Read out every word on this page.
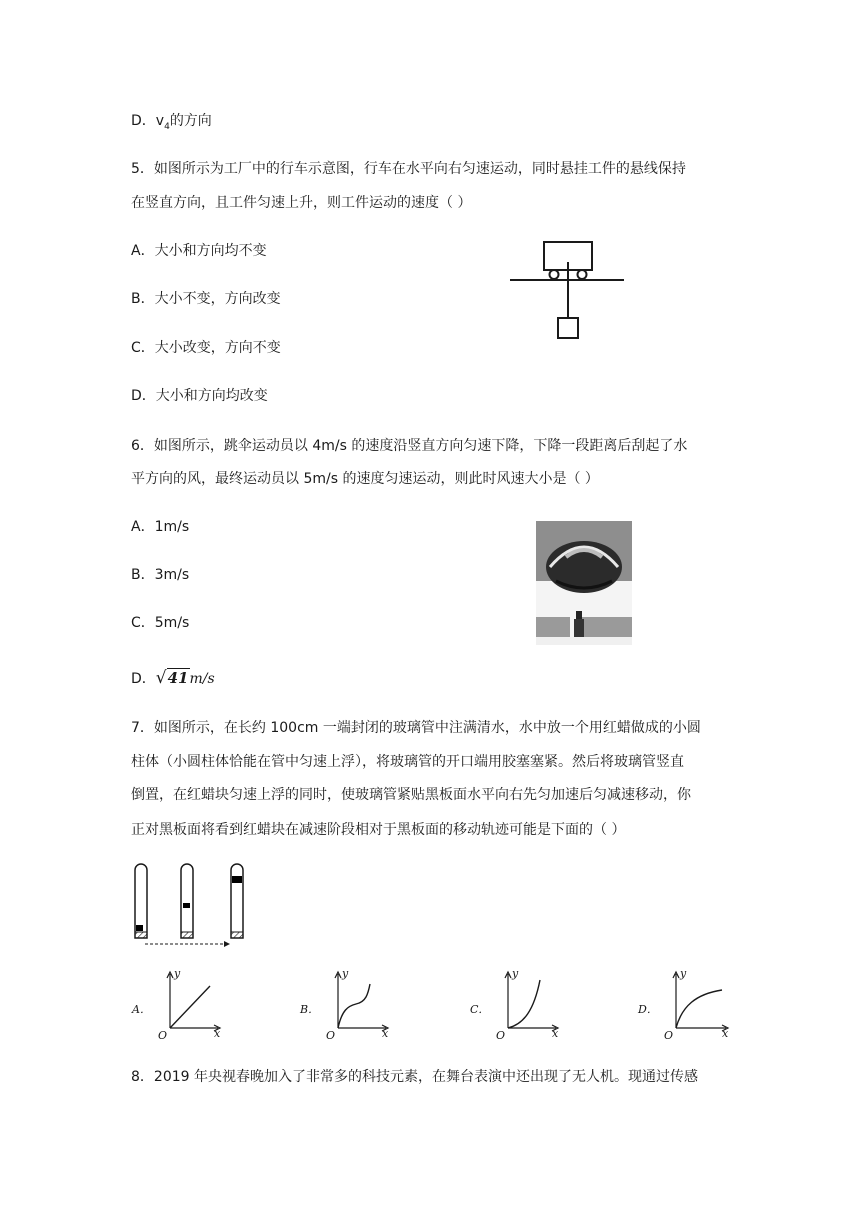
D．$v_4$的方向
5．如图所示为工厂中的行车示意图，行车在水平向右匀速运动，同时悬挂工件的悬线保持
在竖直方向，且工件匀速上升，则工件运动的速度（ ）
A．大小和方向均不变
B．大小不变，方向改变
C．大小改变，方向不变
D．大小和方向均改变
6．如图所示，跳伞运动员以 4m/s 的速度沿竖直方向匀速下降，下降一段距离后刮起了水
平方向的风，最终运动员以 5m/s 的速度匀速运动，则此时风速大小是（ ）
A．1m/s
B．3m/s
C．5m/s
D．√41m/s
7．如图所示，在长约 100cm 一端封闭的玻璃管中注满清水，水中放一个用红蜡做成的小圆
柱体（小圆柱体恰能在管中匀速上浮），将玻璃管的开口端用胶塞塞紧。然后将玻璃管竖直
倒置，在红蜡块匀速上浮的同时，使玻璃管紧贴黑板面水平向右先匀加速后匀减速移动，你
正对黑板面将看到红蜡块在减速阶段相对于黑板面的移动轨迹可能是下面的（ ）
A．
y
x
O
B．
y
x
O
C．
y
x
O
D．
y
x
O
8．2019 年央视春晚加入了非常多的科技元素，在舞台表演中还出现了无人机。现通过传感
